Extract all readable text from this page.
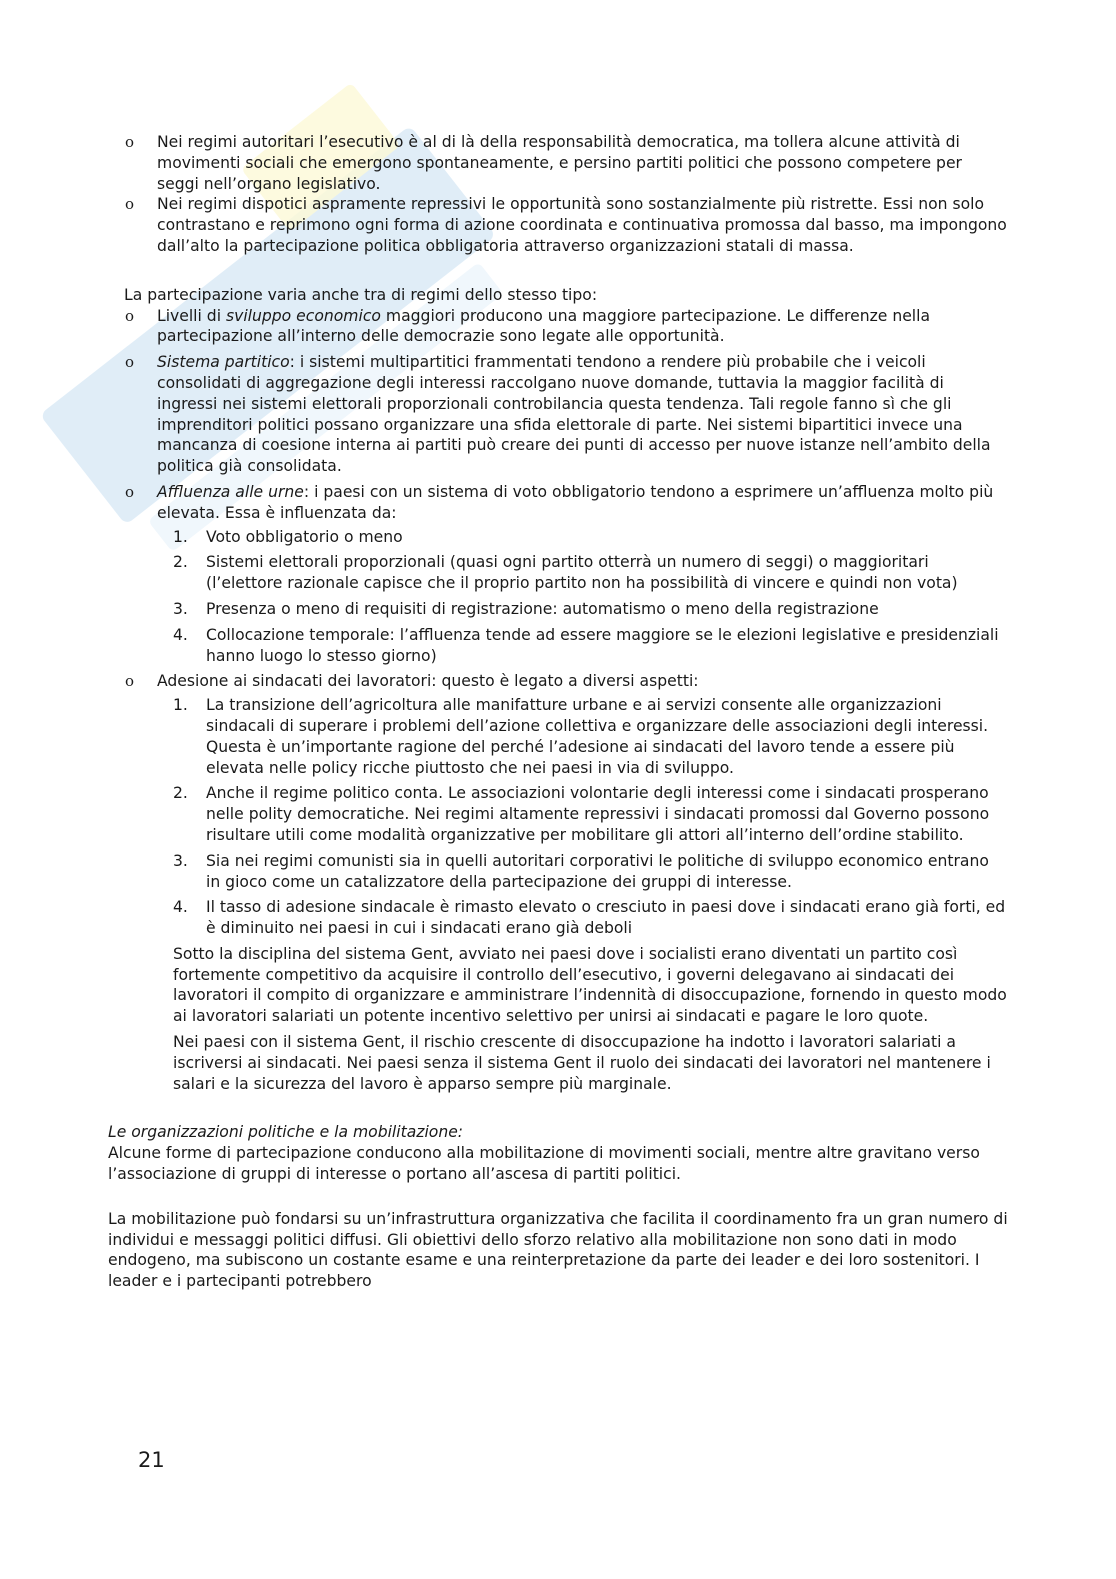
o	Nei regimi autoritari l’esecutivo è al di là della responsabilità democratica, ma tollera alcune attività di movimenti sociali che emergono spontaneamente, e persino partiti politici che possono competere per seggi nell’organo legislativo.
o	Nei regimi dispotici aspramente repressivi le opportunità sono sostanzialmente più ristrette. Essi non solo contrastano e reprimono ogni forma di azione coordinata e continuativa promossa dal basso, ma impongono dall’alto la partecipazione politica obbligatoria attraverso organizzazioni statali di massa.

La partecipazione varia anche tra di regimi dello stesso tipo:

o	Livelli di sviluppo economico maggiori producono una maggiore partecipazione. Le differenze nella partecipazione all’interno delle democrazie sono legate alle opportunità.
o	Sistema partitico: i sistemi multipartitici frammentati tendono a rendere più probabile che i veicoli consolidati di aggregazione degli interessi raccolgano nuove domande, tuttavia la maggior facilità di ingressi nei sistemi elettorali proporzionali controbilancia questa tendenza. Tali regole fanno sì che gli imprenditori politici possano organizzare una sfida elettorale di parte. Nei sistemi bipartitici invece una mancanza di coesione interna ai partiti può creare dei punti di accesso per nuove istanze nell’ambito della politica già consolidata.
o	Affluenza alle urne: i paesi con un sistema di voto obbligatorio tendono a esprimere un’affluenza molto più elevata. Essa è influenzata da:
1.	Voto obbligatorio o meno
2.	Sistemi elettorali proporzionali (quasi ogni partito otterrà un numero di seggi) o maggioritari (l’elettore razionale capisce che il proprio partito non ha possibilità di vincere e quindi non vota)
3.	Presenza o meno di requisiti di registrazione: automatismo o meno della registrazione
4.	Collocazione temporale: l’affluenza tende ad essere maggiore se le elezioni legislative e presidenziali hanno luogo lo stesso giorno)
o	Adesione ai sindacati dei lavoratori: questo è legato a diversi aspetti:
1.	La transizione dell’agricoltura alle manifatture urbane e ai servizi consente alle organizzazioni sindacali di superare i problemi dell’azione collettiva e organizzare delle associazioni degli interessi. Questa è un’importante ragione del perché l’adesione ai sindacati del lavoro tende a essere più elevata nelle policy ricche piuttosto che nei paesi in via di sviluppo.
2.	Anche il regime politico conta. Le associazioni volontarie degli interessi come i sindacati prosperano nelle polity democratiche. Nei regimi altamente repressivi i sindacati promossi dal Governo possono risultare utili come modalità organizzative per mobilitare gli attori all’interno dell’ordine stabilito.
3.	Sia nei regimi comunisti sia in quelli autoritari corporativi le politiche di sviluppo economico entrano in gioco come un catalizzatore della partecipazione dei gruppi di interesse.
4.	Il tasso di adesione sindacale è rimasto elevato o cresciuto in paesi dove i sindacati erano già forti, ed è diminuito nei paesi in cui i sindacati erano già deboli

Sotto la disciplina del sistema Gent, avviato nei paesi dove i socialisti erano diventati un partito così fortemente competitivo da acquisire il controllo dell’esecutivo, i governi delegavano ai sindacati dei lavoratori il compito di organizzare e amministrare l’indennità di disoccupazione, fornendo in questo modo ai lavoratori salariati un potente incentivo selettivo per unirsi ai sindacati e pagare le loro quote.

Nei paesi con il sistema Gent, il rischio crescente di disoccupazione ha indotto i lavoratori salariati a iscriversi ai sindacati. Nei paesi senza il sistema Gent il ruolo dei sindacati dei lavoratori nel mantenere i salari e la sicurezza del lavoro è apparso sempre più marginale.

Le organizzazioni politiche e la mobilitazione:

Alcune forme di partecipazione conducono alla mobilitazione di movimenti sociali, mentre altre gravitano verso l’associazione di gruppi di interesse o portano all’ascesa di partiti politici.

La mobilitazione può fondarsi su un’infrastruttura organizzativa che facilita il coordinamento fra un gran numero di individui e messaggi politici diffusi. Gli obiettivi dello sforzo relativo alla mobilitazione non sono dati in modo endogeno, ma subiscono un costante esame e una reinterpretazione da parte dei leader e dei loro sostenitori. I leader e i partecipanti potrebbero

21
